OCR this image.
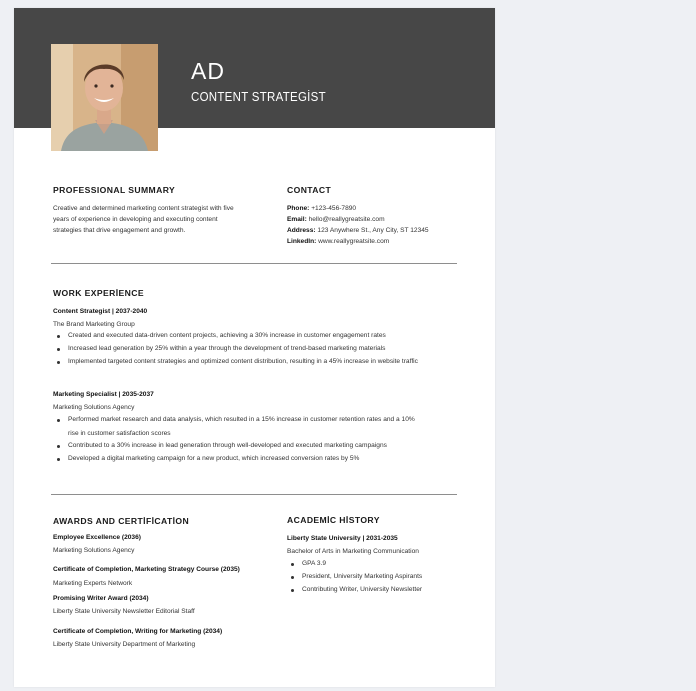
AD
CONTENT STRATEGİST
PROFESSIONAL SUMMARY
Creative and determined marketing content strategist with five
years of experience in developing and executing content
strategies that drive engagement and growth.
CONTACT
Phone: +123-456-7890
Email: hello@reallygreatsite.com
Address: 123 Anywhere St., Any City, ST 12345
LinkedIn: www.reallygreatsite.com
WORK EXPERİENCE
Content Strategist | 2037-2040
The Brand Marketing Group
Created and executed data-driven content projects, achieving a 30% increase in customer engagement rates
Increased lead generation by 25% within a year through the development of trend-based marketing materials
Implemented targeted content strategies and optimized content distribution, resulting in a 45% increase in website traffic
Marketing Specialist | 2035-2037
Marketing Solutions Agency
Performed market research and data analysis, which resulted in a 15% increase in customer retention rates and a 10%
rise in customer satisfaction scores
Contributed to a 30% increase in lead generation through well-developed and executed marketing campaigns
Developed a digital marketing campaign for a new product, which increased conversion rates by 5%
AWARDS AND CERTİFİCATİON
Employee Excellence (2036)
Marketing Solutions Agency
Certificate of Completion, Marketing Strategy Course (2035)
Marketing Experts Network
Promising Writer Award (2034)
Liberty State University Newsletter Editorial Staff
Certificate of Completion, Writing for Marketing (2034)
Liberty State University Department of Marketing
ACADEMİC HİSTORY
Liberty State University | 2031-2035
Bachelor of Arts in Marketing Communication
GPA 3.9
President, University Marketing Aspirants
Contributing Writer, University Newsletter
